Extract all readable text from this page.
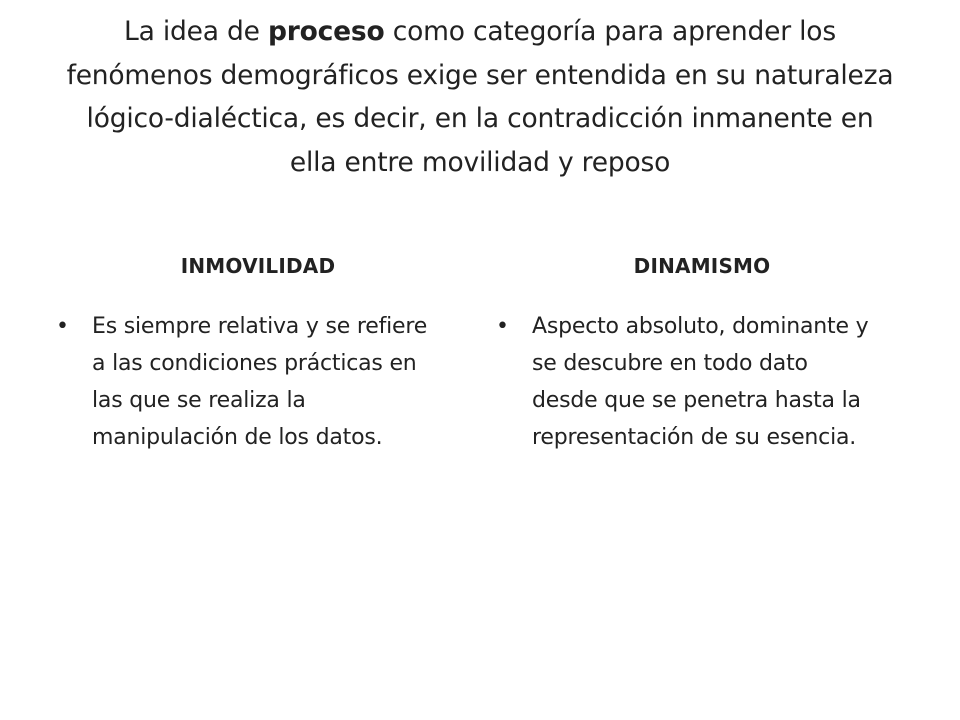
La idea de proceso como categoría para aprender los fenómenos demográficos exige ser entendida en su naturaleza lógico-dialéctica, es decir, en la contradicción inmanente en ella entre movilidad y reposo
INMOVILIDAD	DINAMISMO
• Es siempre relativa y se refiere a las condiciones prácticas en las que se realiza la manipulación de los datos.
• Aspecto absoluto, dominante y se descubre en todo dato desde que se penetra hasta la representación de su esencia.
